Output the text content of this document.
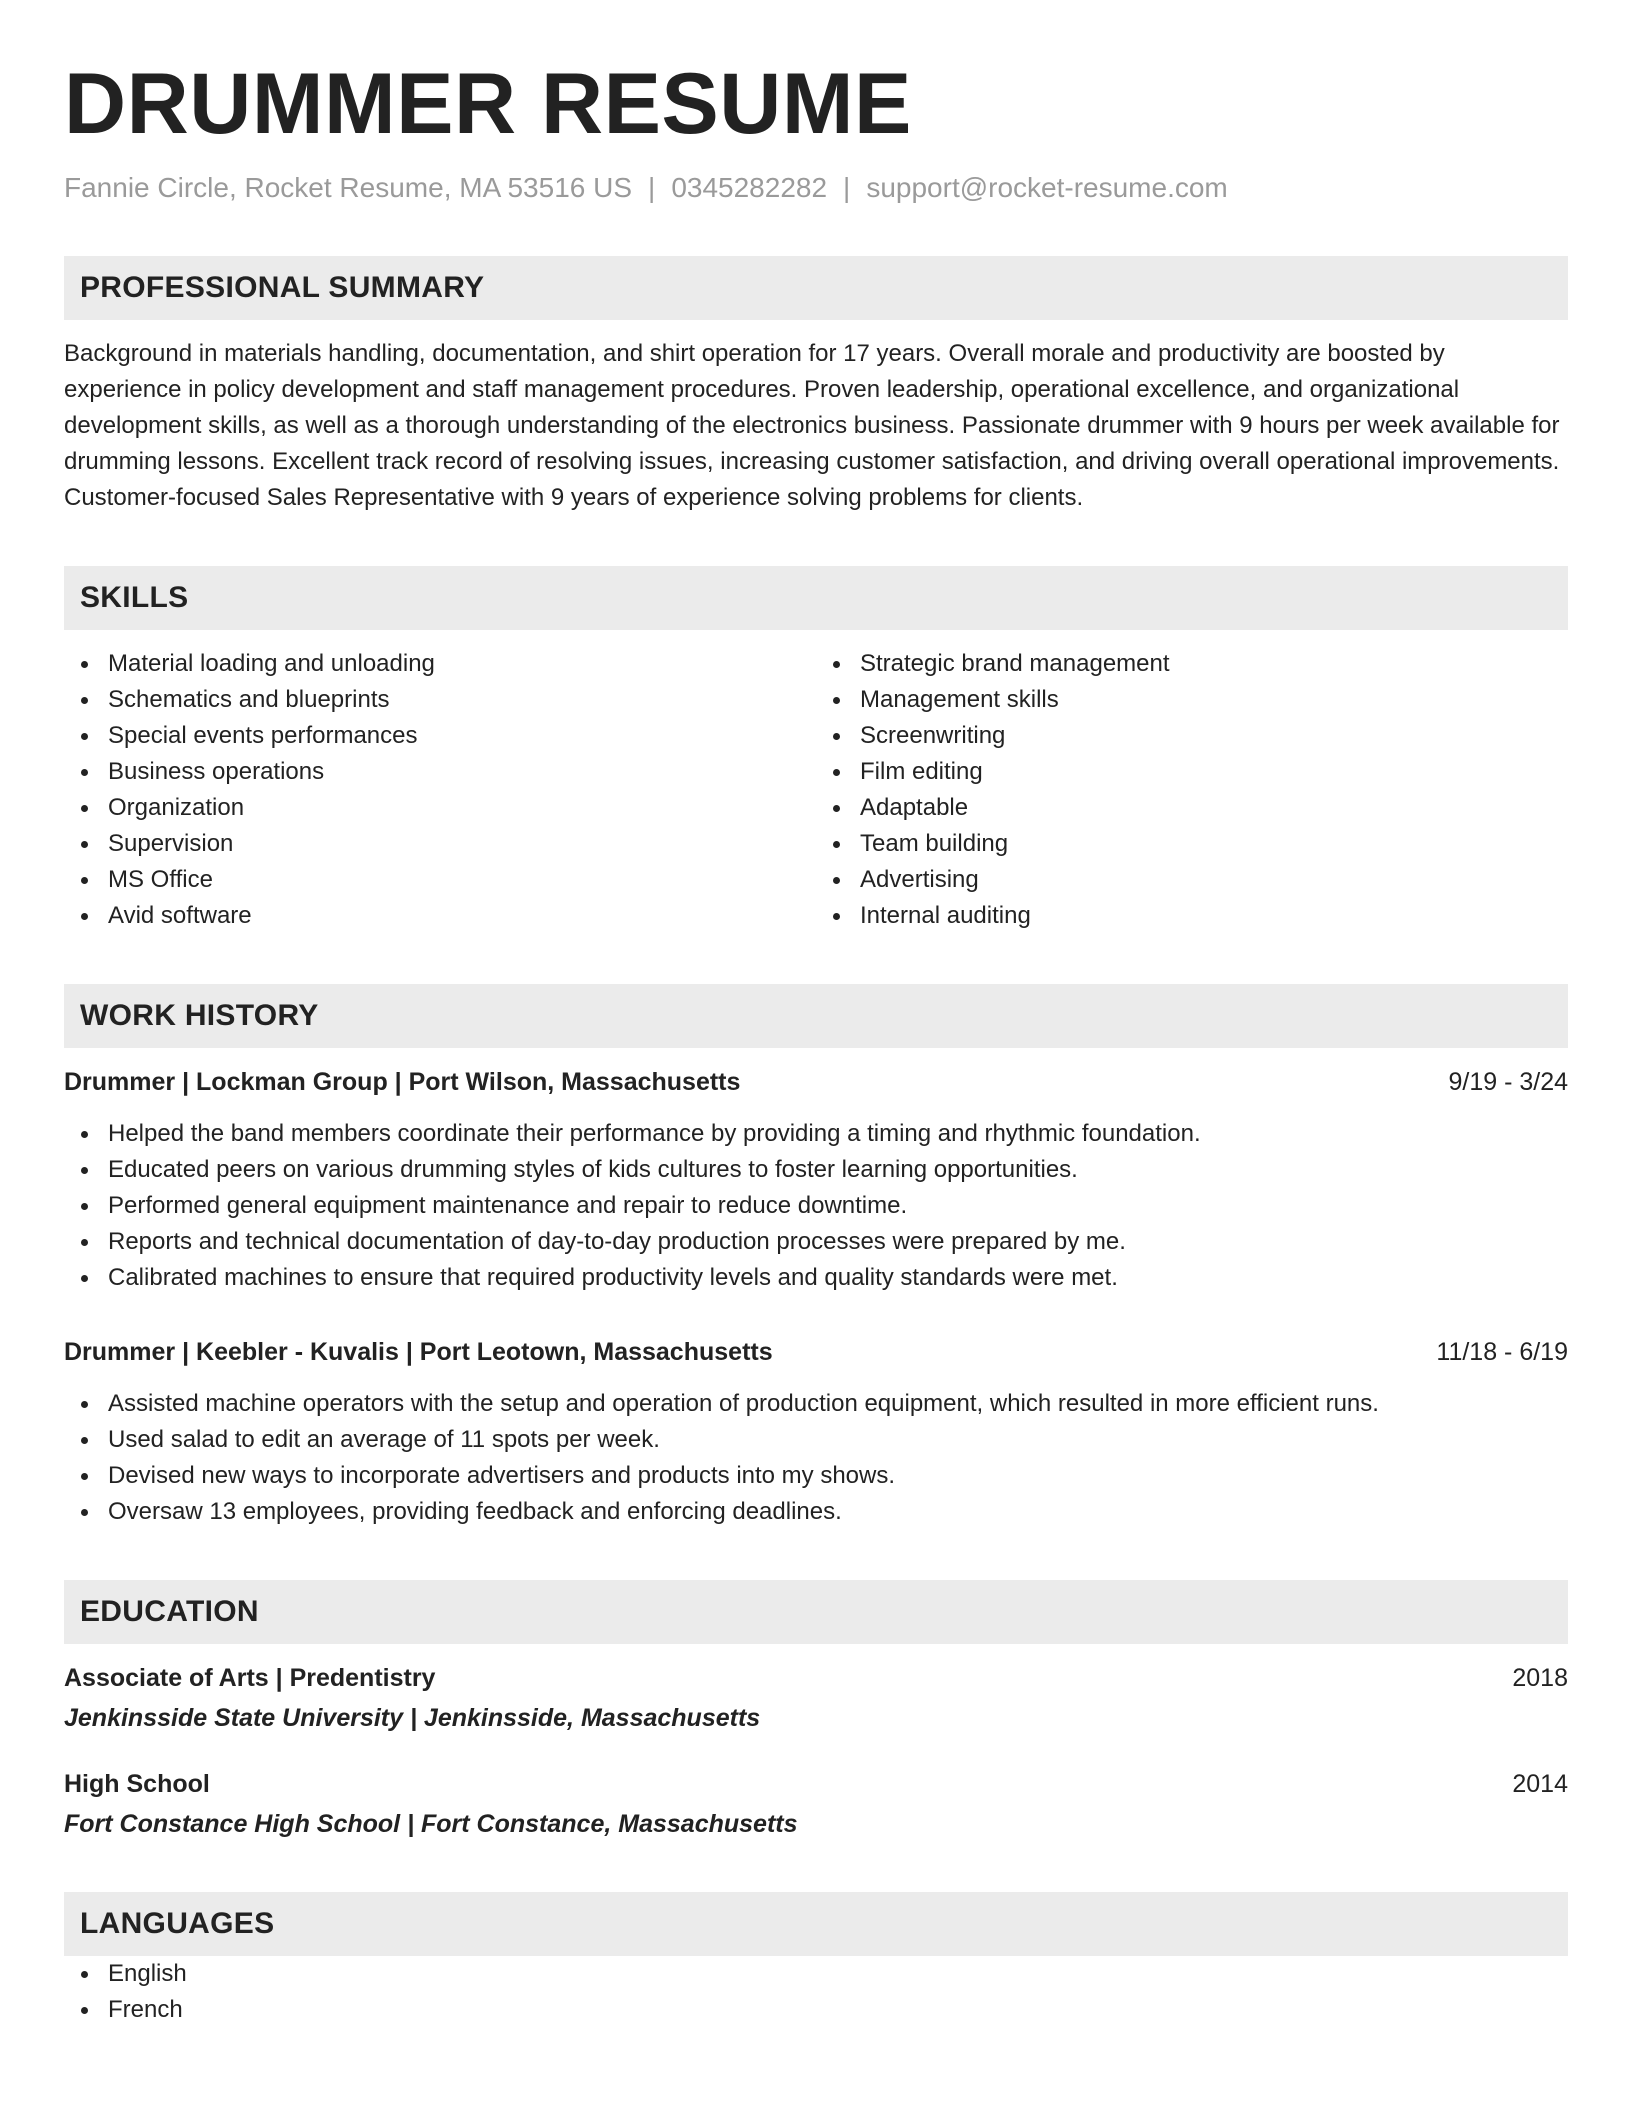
DRUMMER RESUME
Fannie Circle, Rocket Resume, MA 53516 US | 0345282282 | support@rocket-resume.com
PROFESSIONAL SUMMARY
Background in materials handling, documentation, and shirt operation for 17 years. Overall morale and productivity are boosted by experience in policy development and staff management procedures. Proven leadership, operational excellence, and organizational development skills, as well as a thorough understanding of the electronics business. Passionate drummer with 9 hours per week available for drumming lessons. Excellent track record of resolving issues, increasing customer satisfaction, and driving overall operational improvements. Customer-focused Sales Representative with 9 years of experience solving problems for clients.
SKILLS
Material loading and unloading
Schematics and blueprints
Special events performances
Business operations
Organization
Supervision
MS Office
Avid software
Strategic brand management
Management skills
Screenwriting
Film editing
Adaptable
Team building
Advertising
Internal auditing
WORK HISTORY
Drummer | Lockman Group | Port Wilson, Massachusetts	9/19 - 3/24
Helped the band members coordinate their performance by providing a timing and rhythmic foundation.
Educated peers on various drumming styles of kids cultures to foster learning opportunities.
Performed general equipment maintenance and repair to reduce downtime.
Reports and technical documentation of day-to-day production processes were prepared by me.
Calibrated machines to ensure that required productivity levels and quality standards were met.
Drummer | Keebler - Kuvalis | Port Leotown, Massachusetts	11/18 - 6/19
Assisted machine operators with the setup and operation of production equipment, which resulted in more efficient runs.
Used salad to edit an average of 11 spots per week.
Devised new ways to incorporate advertisers and products into my shows.
Oversaw 13 employees, providing feedback and enforcing deadlines.
EDUCATION
Associate of Arts | Predentistry	2018
Jenkinsside State University | Jenkinsside, Massachusetts
High School	2014
Fort Constance High School | Fort Constance, Massachusetts
LANGUAGES
English
French
